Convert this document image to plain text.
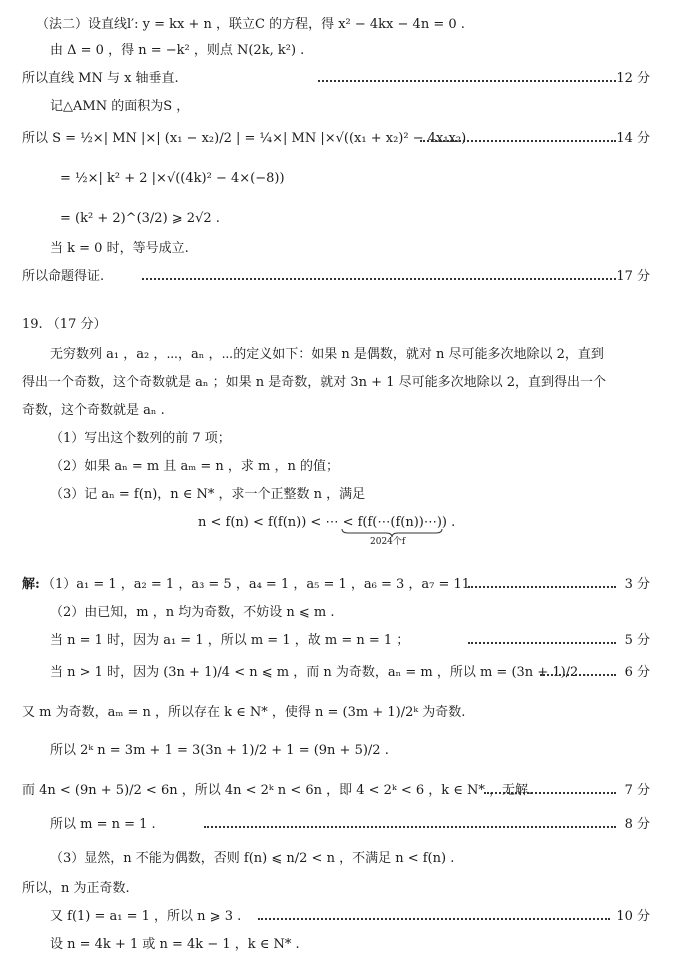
（法二）设直线l′: y = kx + n ，联立C 的方程，得 x² − 4kx − 4n = 0 .
由 Δ = 0 ，得 n = −k² ，则点 N(2k, k²) .
所以直线 MN 与 x 轴垂直.	12 分
记△AMN 的面积为S ，
所以 S = ½×| MN |×| (x₁ − x₂)/2 | = ¼×| MN |×√((x₁ + x₂)² − 4x₁x₂)	14 分
= ½×| k² + 2 |×√((4k)² − 4×(−8))
= (k² + 2)^(3/2) ⩾ 2√2 .
当 k = 0 时，等号成立.
所以命题得证.	17 分
19. （17 分）
无穷数列 a₁ ，a₂ ，⋯，aₙ ，⋯的定义如下：如果 n 是偶数，就对 n 尽可能多次地除以 2，直到
得出一个奇数，这个奇数就是 aₙ ；如果 n 是奇数，就对 3n + 1 尽可能多次地除以 2，直到得出一个
奇数，这个奇数就是 aₙ .
（1）写出这个数列的前 7 项；
（2）如果 aₙ = m 且 aₘ = n ，求 m ，n 的值；
（3）记 aₙ = f(n)，n ∈ N* ，求一个正整数 n ，满足
n < f(n) < f(f(n)) < ⋯ < f(f(⋯(f(n))⋯)) .
2024个f
解: （1）a₁ = 1 ，a₂ = 1 ，a₃ = 5 ，a₄ = 1 ，a₅ = 1 ，a₆ = 3 ，a₇ = 11 .	3 分
（2）由已知，m ，n 均为奇数，不妨设 n ⩽ m .
当 n = 1 时，因为 a₁ = 1 ，所以 m = 1 ，故 m = n = 1 ；	5 分
当 n > 1 时，因为 (3n + 1)/4 < n ⩽ m ，而 n 为奇数，aₙ = m ，所以 m = (3n + 1)/2 .	6 分
又 m 为奇数，aₘ = n ，所以存在 k ∈ N* ，使得 n = (3m + 1)/2ᵏ 为奇数.
所以 2ᵏ n = 3m + 1 = 3(3n + 1)/2 + 1 = (9n + 5)/2 .
而 4n < (9n + 5)/2 < 6n ，所以 4n < 2ᵏ n < 6n ，即 4 < 2ᵏ < 6 ，k ∈ N* ，无解.	7 分
所以 m = n = 1 .	8 分
（3）显然，n 不能为偶数，否则 f(n) ⩽ n/2 < n ，不满足 n < f(n) .
所以，n 为正奇数.
又 f(1) = a₁ = 1 ，所以 n ⩾ 3 .	10 分
设 n = 4k + 1 或 n = 4k − 1 ，k ∈ N* .
